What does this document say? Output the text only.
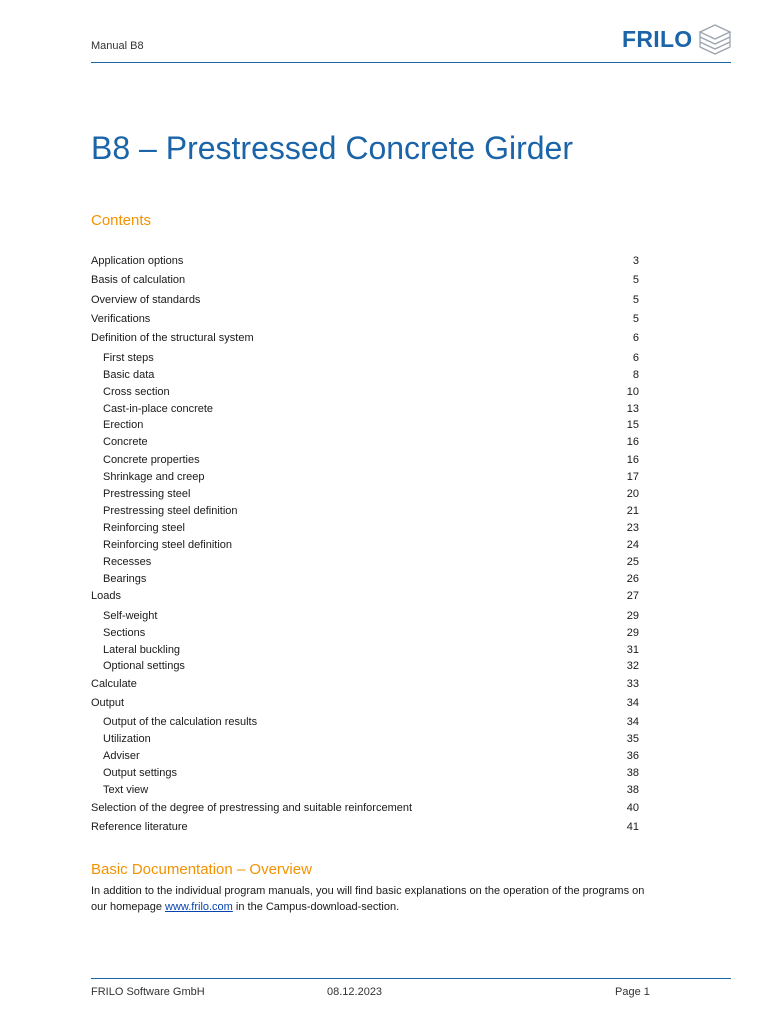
Manual B8	FRILO
B8 – Prestressed Concrete Girder
Contents
Application options	3
Basis of calculation	5
Overview of standards	5
Verifications	5
Definition of the structural system	6
First steps	6
Basic data	8
Cross section	10
Cast-in-place concrete	13
Erection	15
Concrete	16
Concrete properties	16
Shrinkage and creep	17
Prestressing steel	20
Prestressing steel definition	21
Reinforcing steel	23
Reinforcing steel definition	24
Recesses	25
Bearings	26
Loads	27
Self-weight	29
Sections	29
Lateral buckling	31
Optional settings	32
Calculate	33
Output	34
Output of the calculation results	34
Utilization	35
Adviser	36
Output settings	38
Text view	38
Selection of the degree of prestressing and suitable reinforcement	40
Reference literature	41
Basic Documentation – Overview
In addition to the individual program manuals, you will find basic explanations on the operation of the programs on our homepage www.frilo.com in the Campus-download-section.
FRILO Software GmbH	08.12.2023	Page 1
